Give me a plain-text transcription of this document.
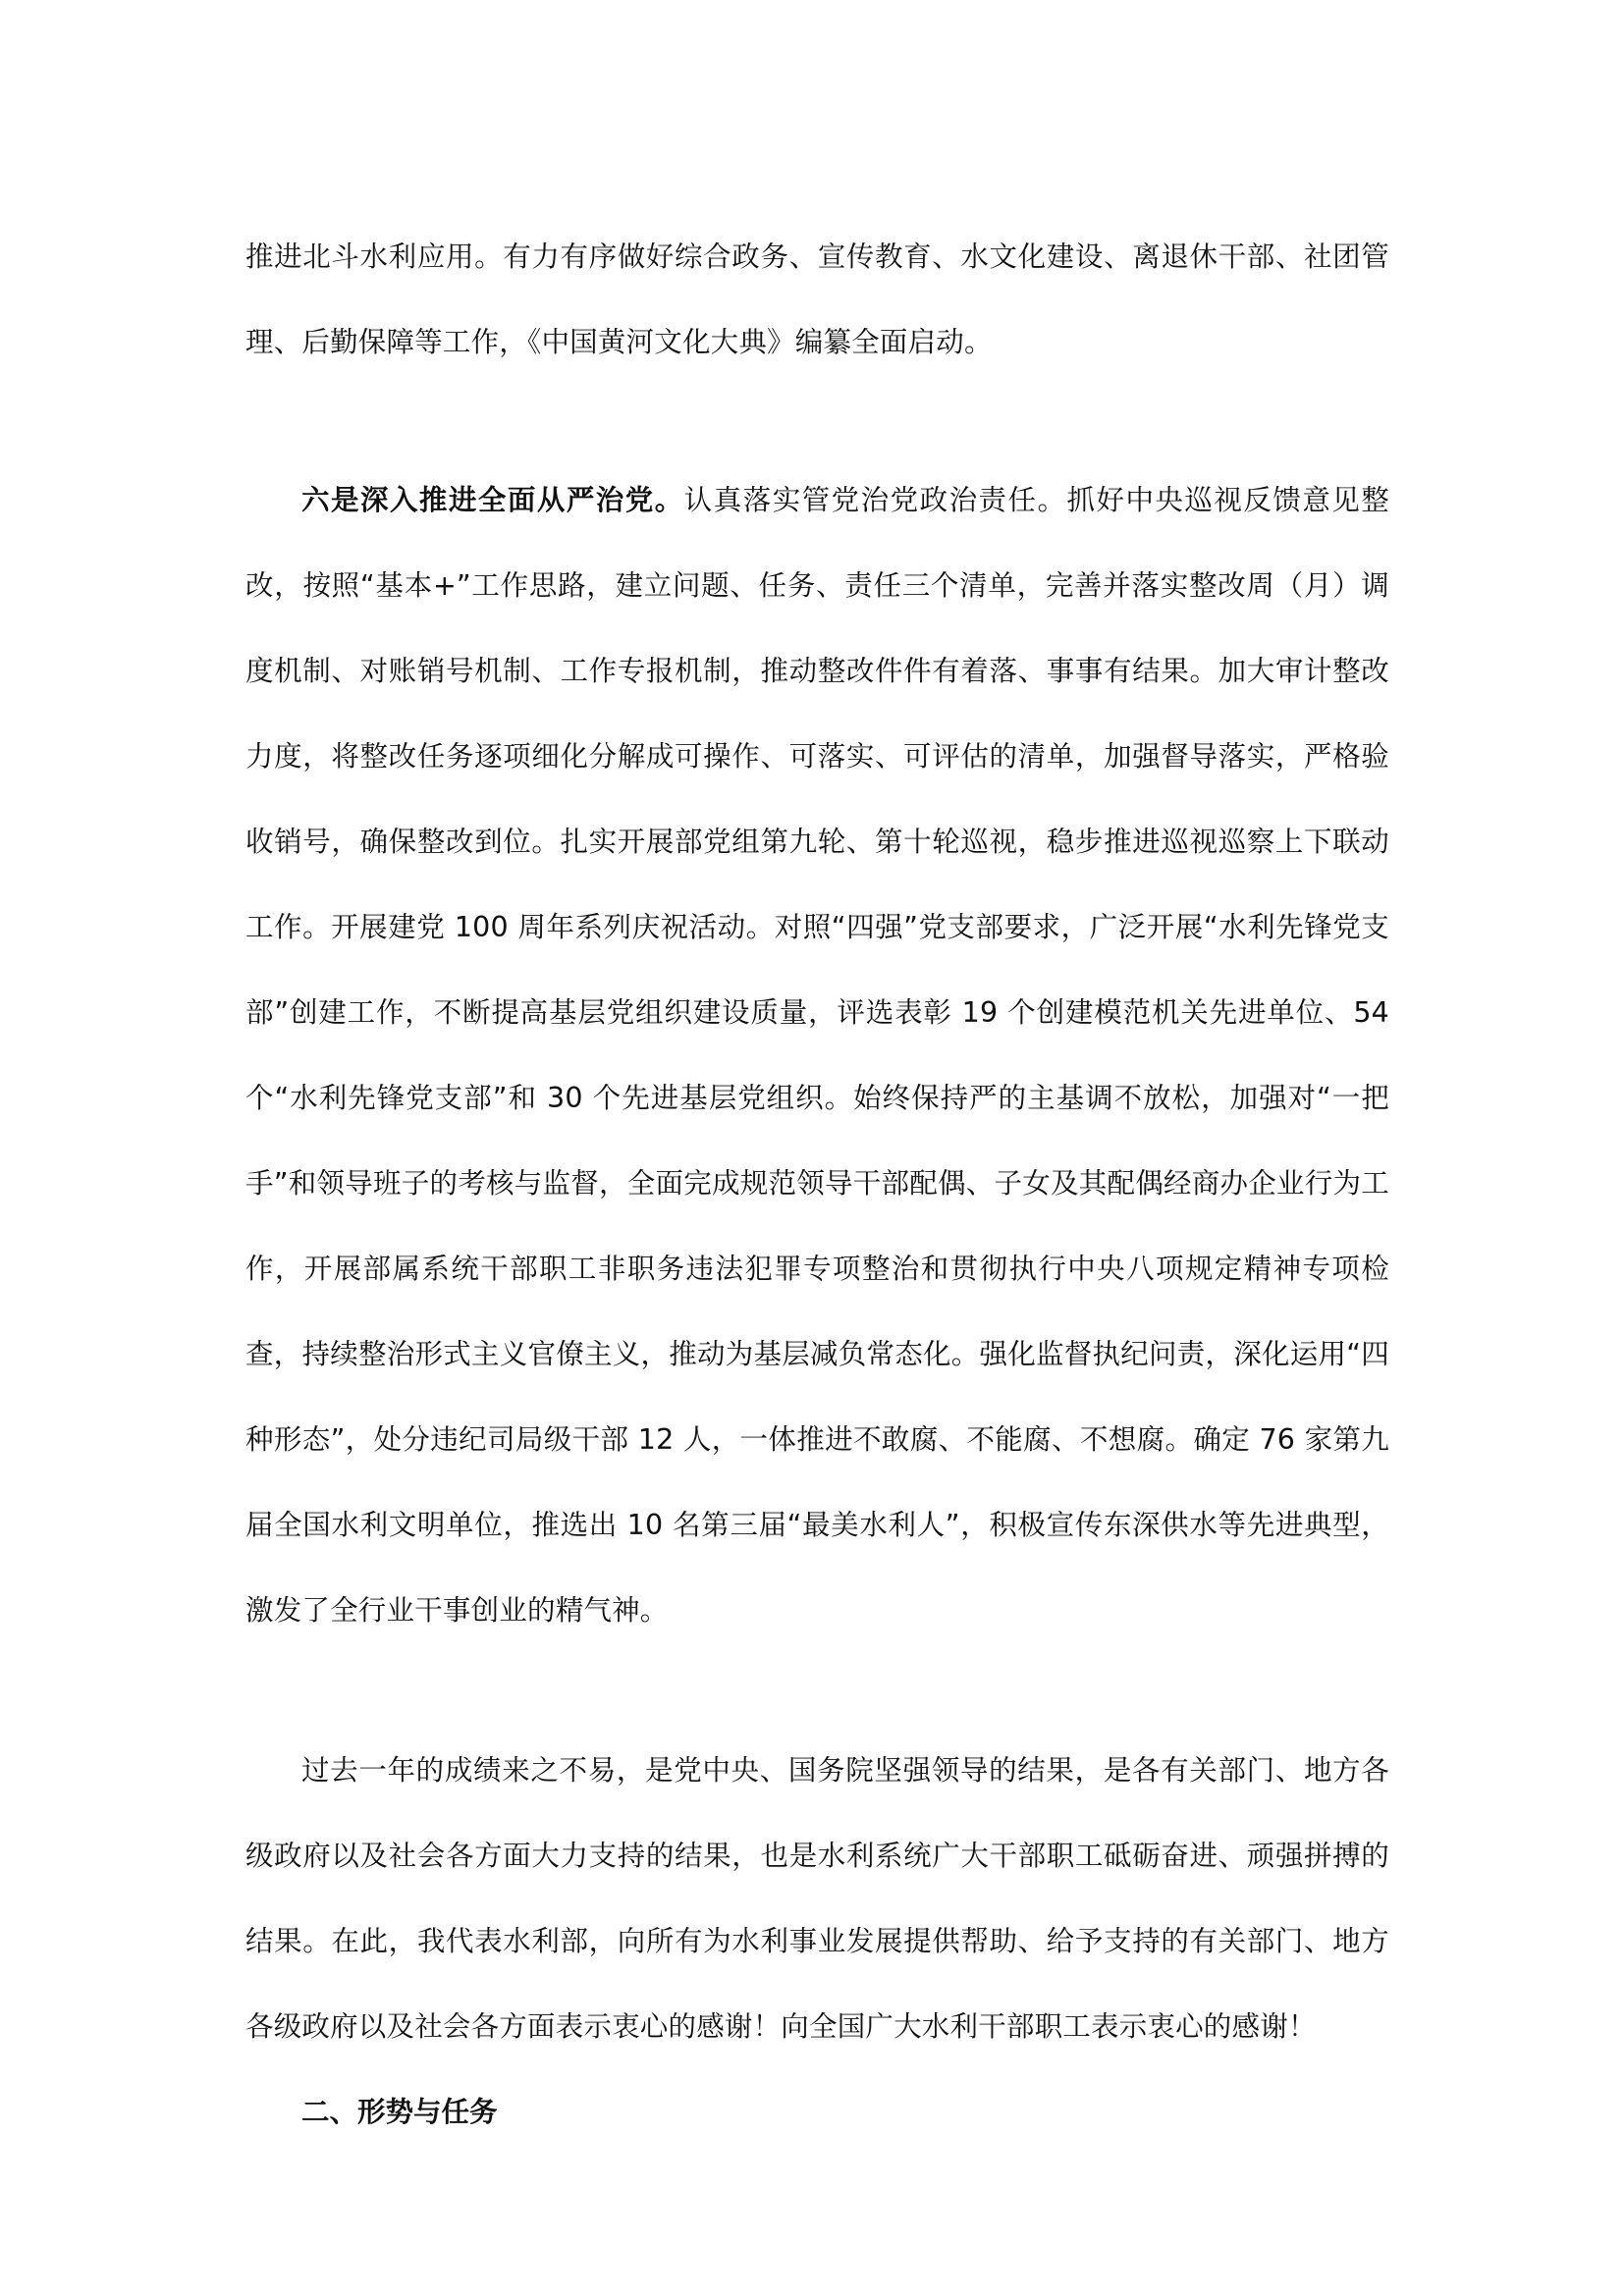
推进北斗水利应用。有力有序做好综合政务、宣传教育、水文化建设、离退休干部、社团管理、后勤保障等工作，《中国黄河文化大典》编纂全面启动。

六是深入推进全面从严治党。认真落实管党治党政治责任。抓好中央巡视反馈意见整改，按照“基本+”工作思路，建立问题、任务、责任三个清单，完善并落实整改周（月）调度机制、对账销号机制、工作专报机制，推动整改件件有着落、事事有结果。加大审计整改力度，将整改任务逐项细化分解成可操作、可落实、可评估的清单，加强督导落实，严格验收销号，确保整改到位。扎实开展部党组第九轮、第十轮巡视，稳步推进巡视巡察上下联动工作。开展建党 100 周年系列庆祝活动。对照“四强”党支部要求，广泛开展“水利先锋党支部”创建工作，不断提高基层党组织建设质量，评选表彰 19 个创建模范机关先进单位、54 个“水利先锋党支部”和 30 个先进基层党组织。始终保持严的主基调不放松，加强对“一把手”和领导班子的考核与监督，全面完成规范领导干部配偶、子女及其配偶经商办企业行为工作，开展部属系统干部职工非职务违法犯罪专项整治和贯彻执行中央八项规定精神专项检查，持续整治形式主义官僚主义，推动为基层减负常态化。强化监督执纪问责，深化运用“四种形态”，处分违纪司局级干部 12 人，一体推进不敢腐、不能腐、不想腐。确定 76 家第九届全国水利文明单位，推选出 10 名第三届“最美水利人”，积极宣传东深供水等先进典型，激发了全行业干事创业的精气神。

过去一年的成绩来之不易，是党中央、国务院坚强领导的结果，是各有关部门、地方各级政府以及社会各方面大力支持的结果，也是水利系统广大干部职工砥砺奋进、顽强拼搏的结果。在此，我代表水利部，向所有为水利事业发展提供帮助、给予支持的有关部门、地方各级政府以及社会各方面表示衷心的感谢！向全国广大水利干部职工表示衷心的感谢！

二、形势与任务
